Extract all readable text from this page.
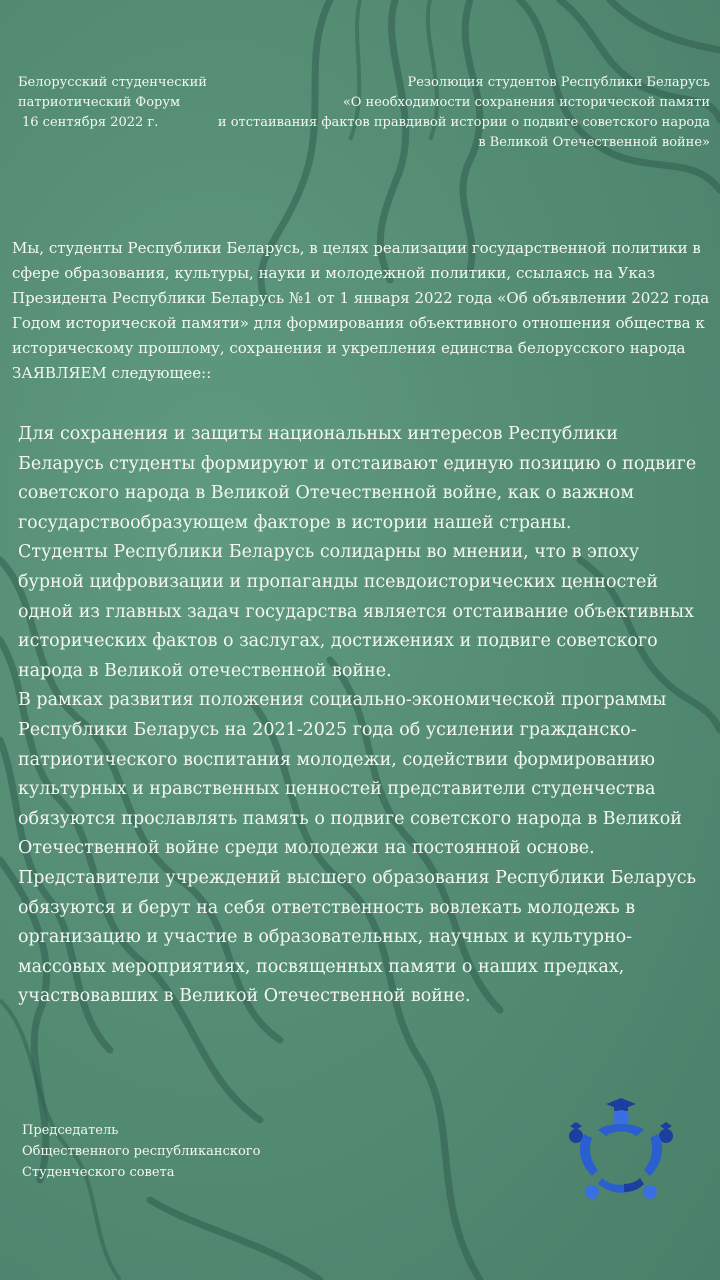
Белорусский студенческий
патриотический Форум
16 сентября 2022 г.
Резолюция студентов Республики Беларусь
«О необходимости сохранения исторической памяти
и отстаивания фактов правдивой истории о подвиге советского народа
в Великой Отечественной войне»
Мы, студенты Республики Беларусь, в целях реализации государственной политики в сфере образования, культуры, науки и молодежной политики, ссылаясь на Указ Президента Республики Беларусь №1 от 1 января 2022 года «Об объявлении 2022 года Годом исторической памяти» для формирования объективного отношения общества к историческому прошлому, сохранения и укрепления единства белорусского народа ЗАЯВЛЯЕМ следующее::

Для сохранения и защиты национальных интересов Республики Беларусь студенты формируют и отстаивают единую позицию о подвиге советского народа в Великой Отечественной войне, как о важном государствообразующем факторе в истории нашей страны.

Студенты Республики Беларусь солидарны во мнении, что в эпоху бурной цифровизации и пропаганды псевдоисторических ценностей одной из главных задач государства является отстаивание объективных исторических фактов о заслугах, достижениях и подвиге советского народа в Великой отечественной войне.

В рамках развития положения социально-экономической программы Республики Беларусь на 2021-2025 года об усилении гражданско-патриотического воспитания молодежи, содействии формированию культурных и нравственных ценностей представители студенчества обязуются прославлять память о подвиге советского народа в Великой Отечественной войне среди молодежи на постоянной основе.

Представители учреждений высшего образования Республики Беларусь обязуются и берут на себя ответственность вовлекать молодежь в организацию и участие в образовательных, научных и культурно-массовых мероприятиях, посвященных памяти о наших предках, участвовавших в Великой Отечественной войне.

Председатель
Общественного республиканского
Студенческого совета
